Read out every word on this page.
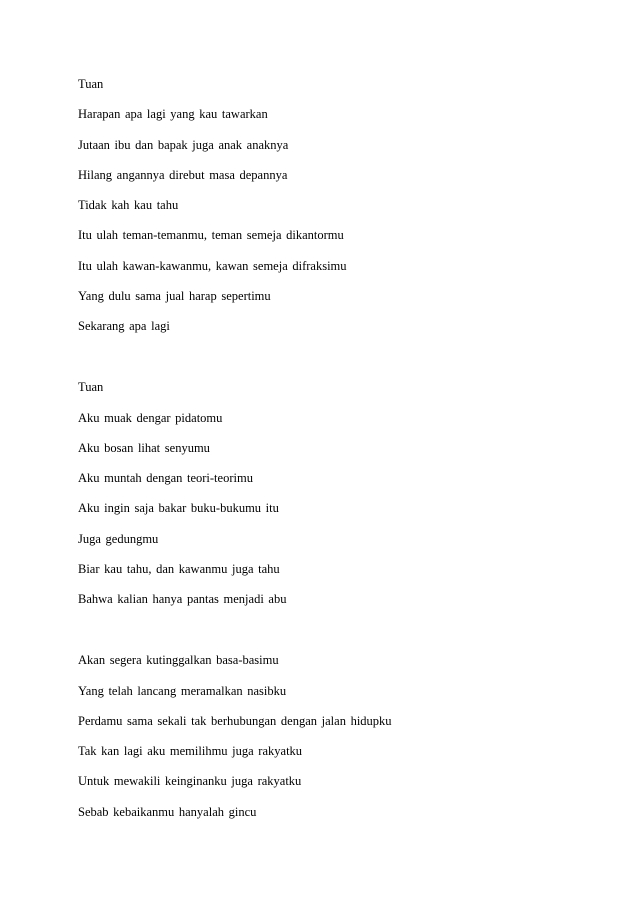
Tuan
Harapan apa lagi yang kau tawarkan
Jutaan ibu dan bapak juga anak anaknya
Hilang angannya direbut masa depannya
Tidak kah kau tahu
Itu ulah teman-temanmu, teman semeja dikantormu
Itu ulah kawan-kawanmu, kawan semeja difraksimu
Yang dulu sama jual harap sepertimu
Sekarang apa lagi
Tuan
Aku muak dengar pidatomu
Aku bosan lihat senyumu
Aku muntah dengan teori-teorimu
Aku ingin saja bakar buku-bukumu itu
Juga gedungmu
Biar kau tahu, dan kawanmu juga tahu
Bahwa kalian hanya pantas menjadi abu
Akan segera kutinggalkan basa-basimu
Yang telah lancang meramalkan nasibku
Perdamu sama sekali tak berhubungan dengan jalan hidupku
Tak kan lagi aku memilihmu juga rakyatku
Untuk mewakili keinginanku juga rakyatku
Sebab kebaikanmu hanyalah gincu
